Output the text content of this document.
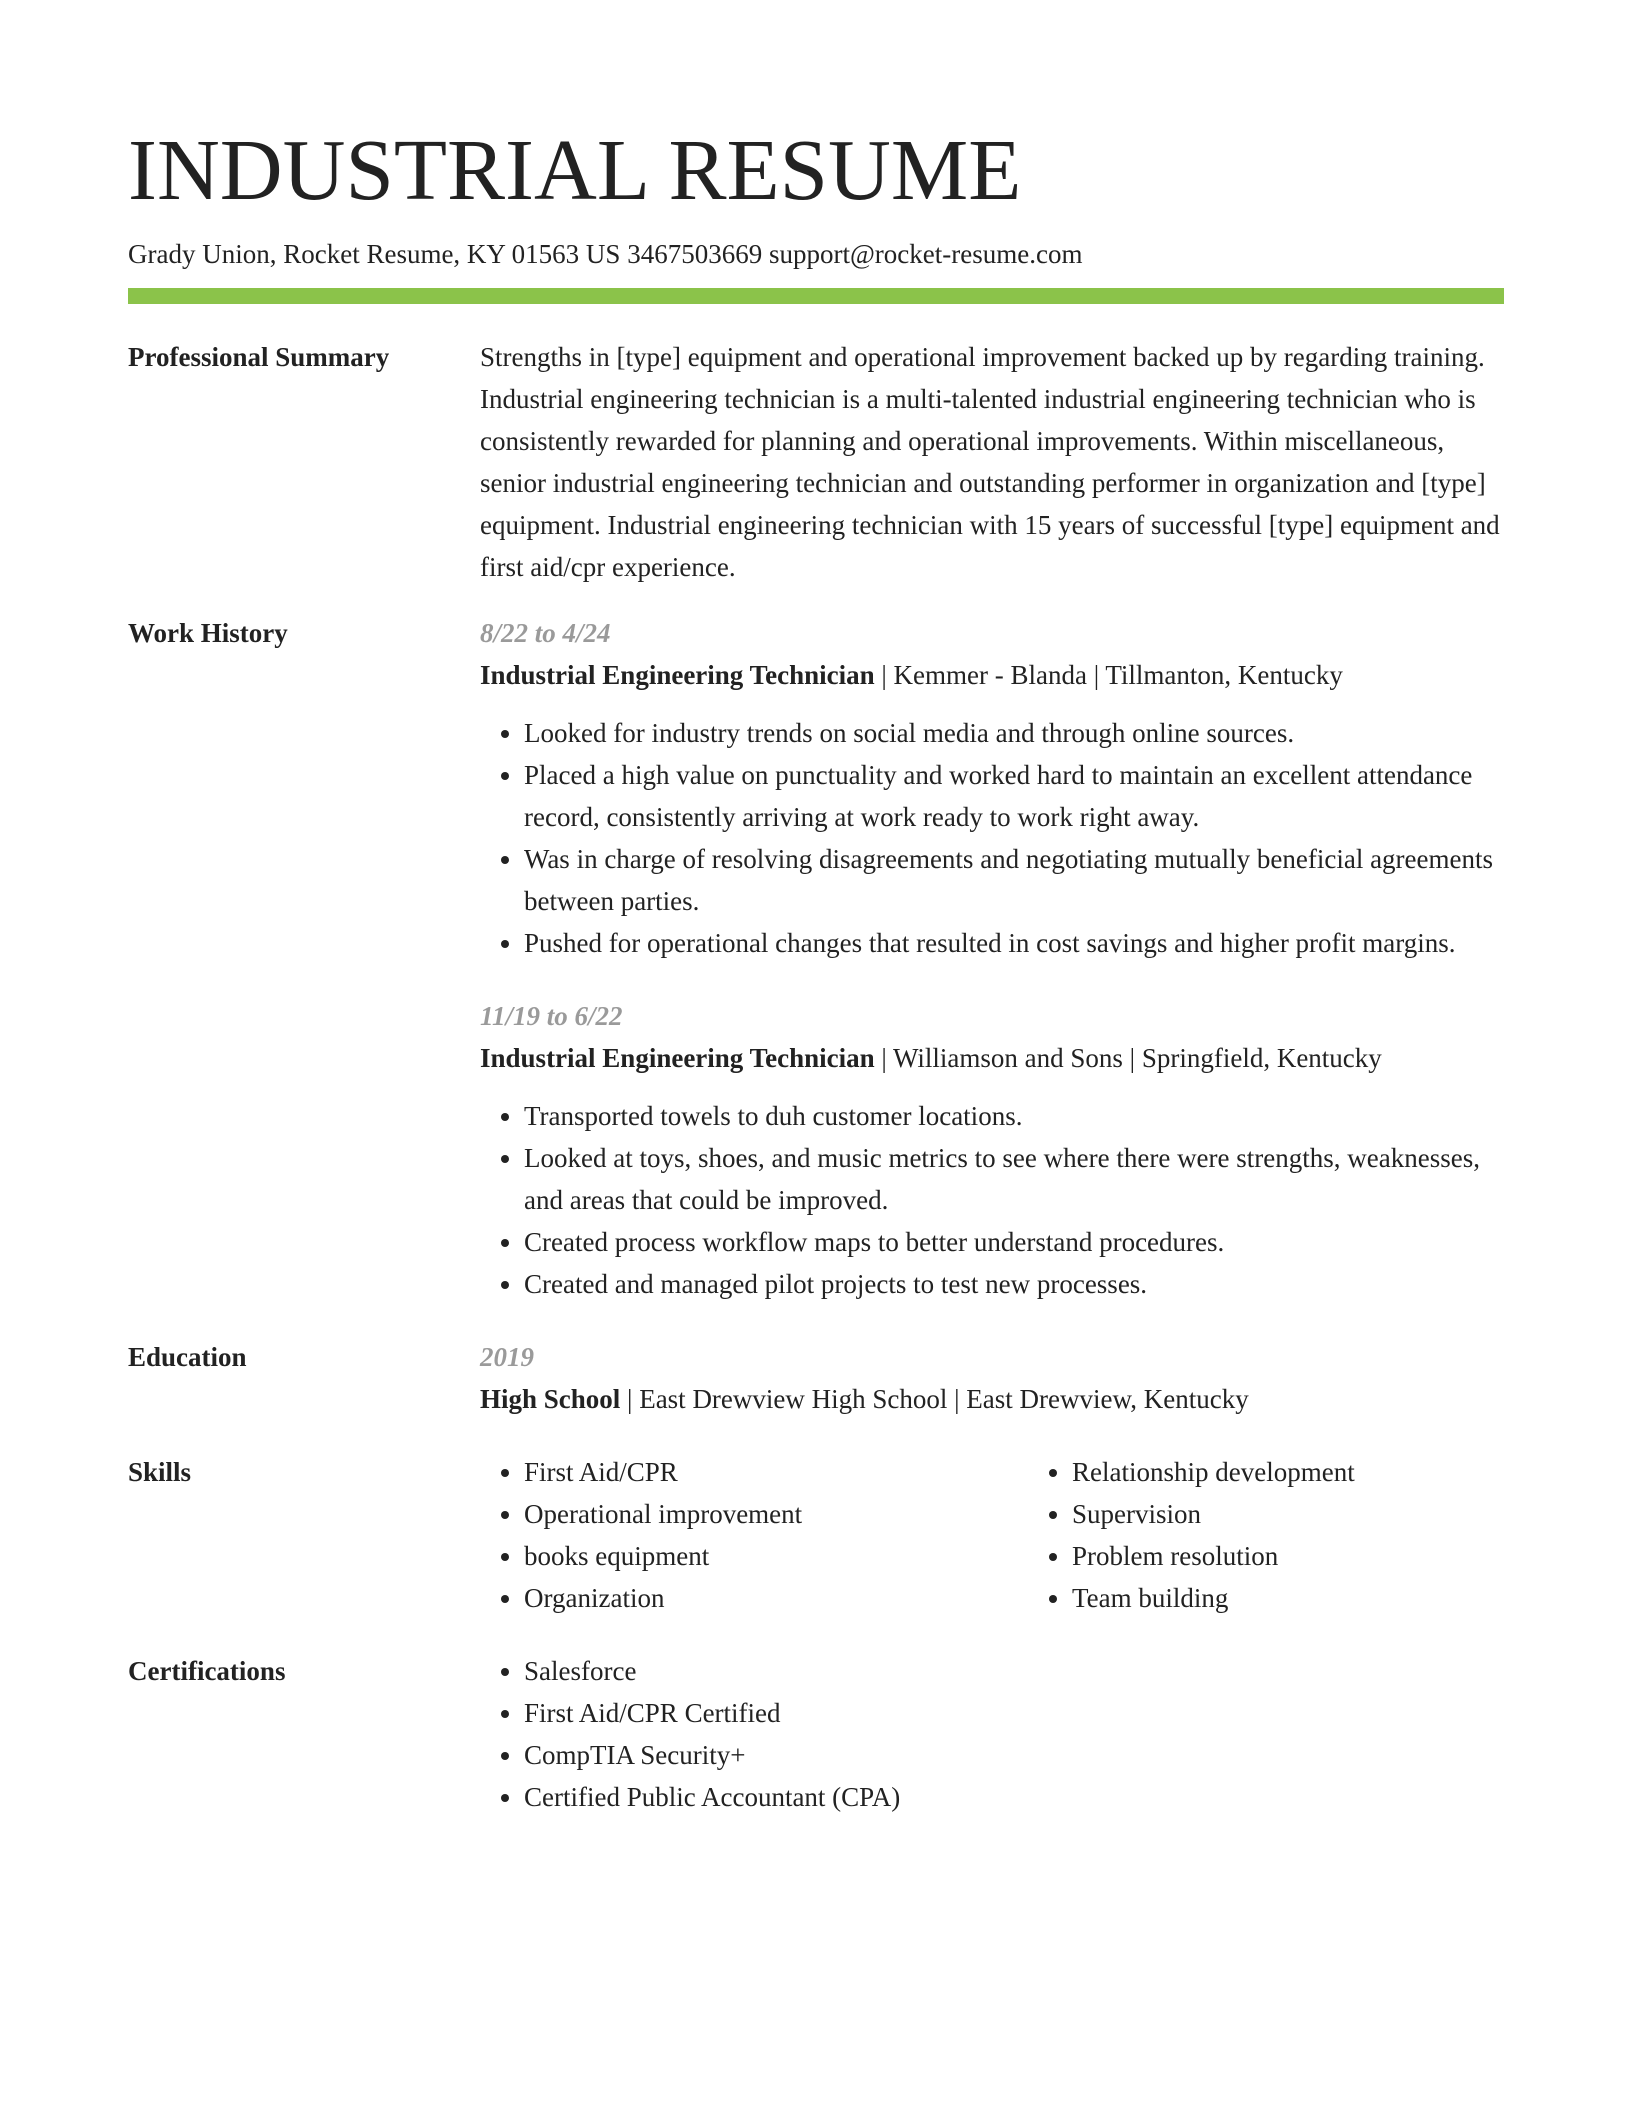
INDUSTRIAL RESUME
Grady Union, Rocket Resume, KY 01563 US 3467503669 support@rocket-resume.com
Professional Summary	Strengths in [type] equipment and operational improvement backed up by regarding training. Industrial engineering technician is a multi-talented industrial engineering technician who is consistently rewarded for planning and operational improvements. Within miscellaneous, senior industrial engineering technician and outstanding performer in organization and [type] equipment. Industrial engineering technician with 15 years of successful [type] equipment and first aid/cpr experience.

Work History	8/22 to 4/24
Industrial Engineering Technician | Kemmer - Blanda | Tillmanton, Kentucky
• Looked for industry trends on social media and through online sources.
• Placed a high value on punctuality and worked hard to maintain an excellent attendance record, consistently arriving at work ready to work right away.
• Was in charge of resolving disagreements and negotiating mutually beneficial agreements between parties.
• Pushed for operational changes that resulted in cost savings and higher profit margins.
11/19 to 6/22
Industrial Engineering Technician | Williamson and Sons | Springfield, Kentucky
• Transported towels to duh customer locations.
• Looked at toys, shoes, and music metrics to see where there were strengths, weaknesses, and areas that could be improved.
• Created process workflow maps to better understand procedures.
• Created and managed pilot projects to test new processes.
Education	2019
High School | East Drewview High School | East Drewview, Kentucky
Skills	• First Aid/CPR
• Operational improvement
• books equipment
• Organization
• Relationship development
• Supervision
• Problem resolution
• Team building
Certifications	• Salesforce
• First Aid/CPR Certified
• CompTIA Security+
• Certified Public Accountant (CPA)
